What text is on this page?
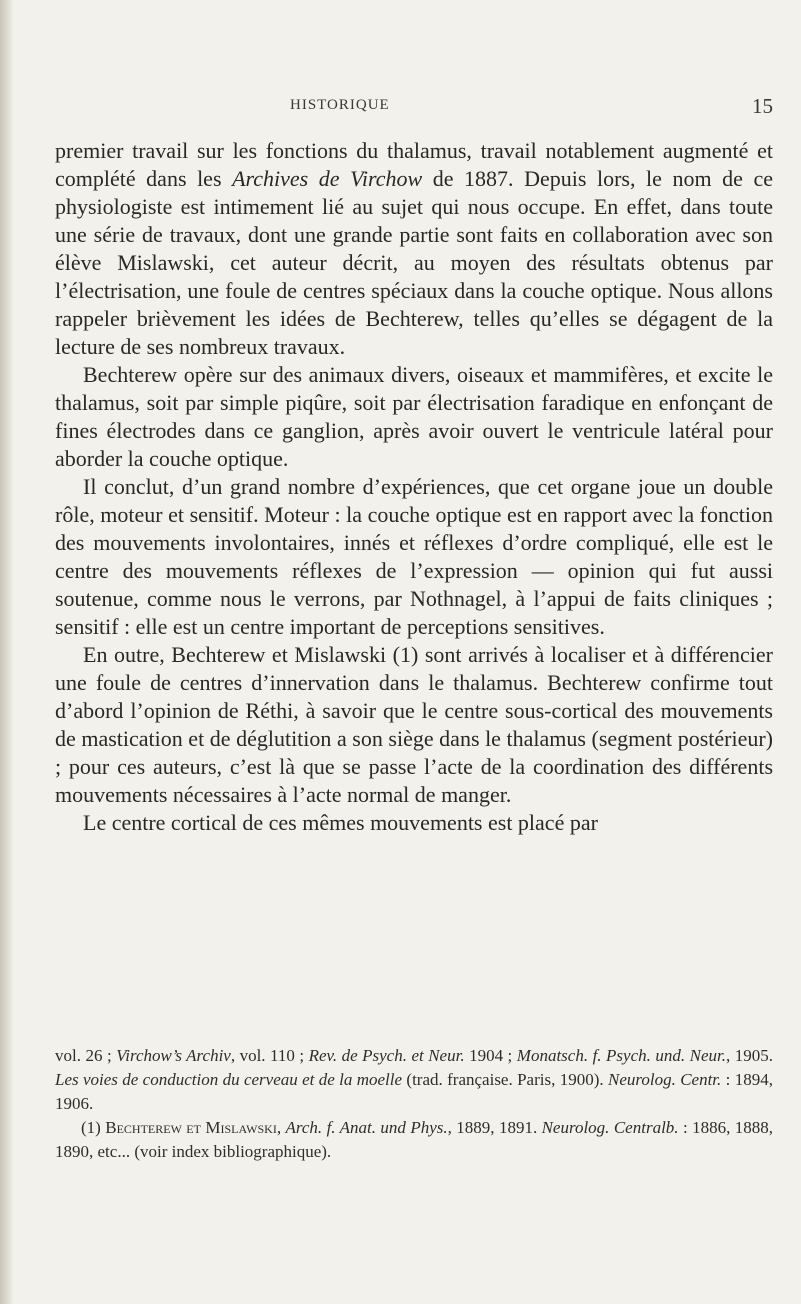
HISTORIQUE	15

premier travail sur les fonctions du thalamus, travail notablement augmenté et complété dans les Archives de Virchow de 1887. Depuis lors, le nom de ce physiologiste est intimement lié au sujet qui nous occupe. En effet, dans toute une série de travaux, dont une grande partie sont faits en collaboration avec son élève Mislawski, cet auteur décrit, au moyen des résultats obtenus par l’électrisation, une foule de centres spéciaux dans la couche optique. Nous allons rappeler brièvement les idées de Bechterew, telles qu’elles se dégagent de la lecture de ses nombreux travaux.

Bechterew opère sur des animaux divers, oiseaux et mammifères, et excite le thalamus, soit par simple piqûre, soit par électrisation faradique en enfonçant de fines électrodes dans ce ganglion, après avoir ouvert le ventricule latéral pour aborder la couche optique.

Il conclut, d’un grand nombre d’expériences, que cet organe joue un double rôle, moteur et sensitif. Moteur : la couche optique est en rapport avec la fonction des mouvements involontaires, innés et réflexes d’ordre compliqué, elle est le centre des mouvements réflexes de l’expression — opinion qui fut aussi soutenue, comme nous le verrons, par Nothnagel, à l’appui de faits cliniques ; sensitif : elle est un centre important de perceptions sensitives.

En outre, Bechterew et Mislawski (1) sont arrivés à localiser et à différencier une foule de centres d’innervation dans le thalamus. Bechterew confirme tout d’abord l’opinion de Réthi, à savoir que le centre sous-cortical des mouvements de mastication et de déglutition a son siège dans le thalamus (segment postérieur) ; pour ces auteurs, c’est là que se passe l’acte de la coordination des différents mouvements nécessaires à l’acte normal de manger.

Le centre cortical de ces mêmes mouvements est placé par

vol. 26 ; Virchow’s Archiv, vol. 110 ; Rev. de Psych. et Neur. 1904 ; Monatsch. f. Psych. und. Neur., 1905. Les voies de conduction du cerveau et de la moelle (trad. française. Paris, 1900). Neurolog. Centr. : 1894, 1906.

(1) Bechterew et Mislawski, Arch. f. Anat. und Phys., 1889, 1891. Neurolog. Centralb. : 1886, 1888, 1890, etc... (voir index bibliographique).
